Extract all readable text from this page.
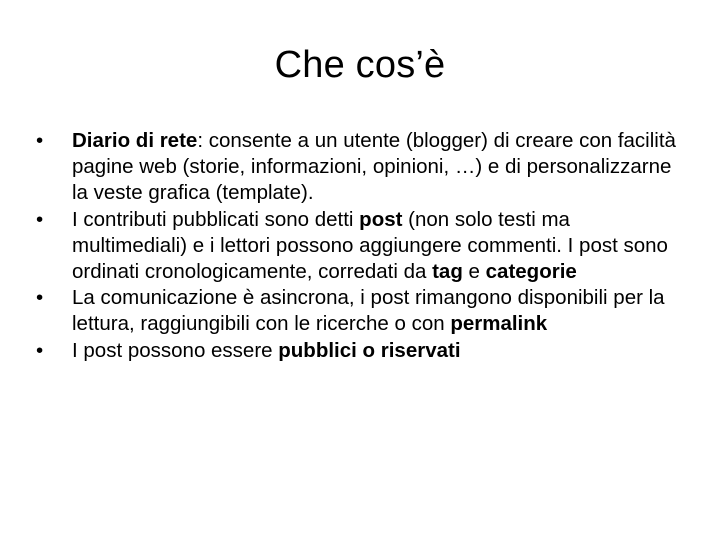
Che cos’è
•	Diario di rete: consente a un utente (blogger) di creare con facilità pagine web (storie, informazioni, opinioni, …) e di personalizzarne la veste grafica (template).
•	I contributi pubblicati sono detti post (non solo testi ma multimediali) e i lettori possono aggiungere commenti. I post sono ordinati cronologicamente, corredati da tag e categorie
•	La comunicazione è asincrona, i post rimangono disponibili per la lettura, raggiungibili con le ricerche o con permalink
•	I post possono essere pubblici o riservati
